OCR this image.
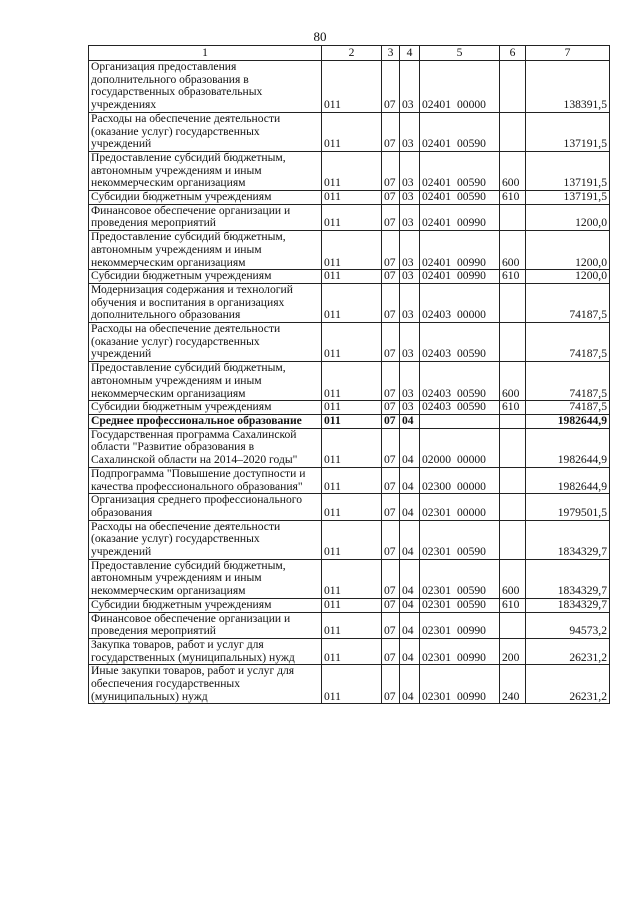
80
1	2	3	4	5	6	7
Организация предоставления дополнительного образования в государственных образовательных учреждениях	011	07	03	02401 00000		138391,5
Расходы на обеспечение деятельности (оказание услуг) государственных учреждений	011	07	03	02401 00590		137191,5
Предоставление субсидий бюджетным, автономным учреждениям и иным некоммерческим организациям	011	07	03	02401 00590	600	137191,5
Субсидии бюджетным учреждениям	011	07	03	02401 00590	610	137191,5
Финансовое обеспечение организации и проведения мероприятий	011	07	03	02401 00990		1200,0
Предоставление субсидий бюджетным, автономным учреждениям и иным некоммерческим организациям	011	07	03	02401 00990	600	1200,0
Субсидии бюджетным учреждениям	011	07	03	02401 00990	610	1200,0
Модернизация содержания и технологий обучения и воспитания в организациях дополнительного образования	011	07	03	02403 00000		74187,5
Расходы на обеспечение деятельности (оказание услуг) государственных учреждений	011	07	03	02403 00590		74187,5
Предоставление субсидий бюджетным, автономным учреждениям и иным некоммерческим организациям	011	07	03	02403 00590	600	74187,5
Субсидии бюджетным учреждениям	011	07	03	02403 00590	610	74187,5
Среднее профессиональное образование	011	07	04			1982644,9
Государственная программа Сахалинской области "Развитие образования в Сахалинской области на 2014–2020 годы"	011	07	04	02000 00000		1982644,9
Подпрограмма "Повышение доступности и качества профессионального образования"	011	07	04	02300 00000		1982644,9
Организация среднего профессионального образования	011	07	04	02301 00000		1979501,5
Расходы на обеспечение деятельности (оказание услуг) государственных учреждений	011	07	04	02301 00590		1834329,7
Предоставление субсидий бюджетным, автономным учреждениям и иным некоммерческим организациям	011	07	04	02301 00590	600	1834329,7
Субсидии бюджетным учреждениям	011	07	04	02301 00590	610	1834329,7
Финансовое обеспечение организации и проведения мероприятий	011	07	04	02301 00990		94573,2
Закупка товаров, работ и услуг для государственных (муниципальных) нужд	011	07	04	02301 00990	200	26231,2
Иные закупки товаров, работ и услуг для обеспечения государственных (муниципальных) нужд	011	07	04	02301 00990	240	26231,2
